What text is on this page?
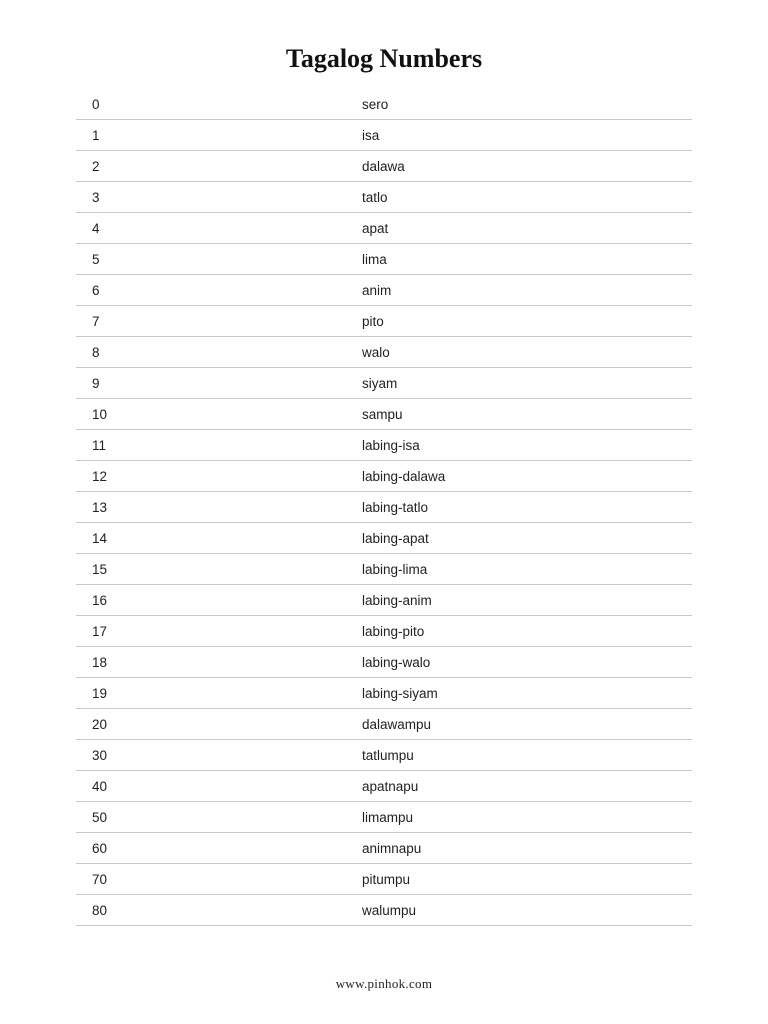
Tagalog Numbers
0	sero
1	isa
2	dalawa
3	tatlo
4	apat
5	lima
6	anim
7	pito
8	walo
9	siyam
10	sampu
11	labing-isa
12	labing-dalawa
13	labing-tatlo
14	labing-apat
15	labing-lima
16	labing-anim
17	labing-pito
18	labing-walo
19	labing-siyam
20	dalawampu
30	tatlumpu
40	apatnapu
50	limampu
60	animnapu
70	pitumpu
80	walumpu
www.pinhok.com
